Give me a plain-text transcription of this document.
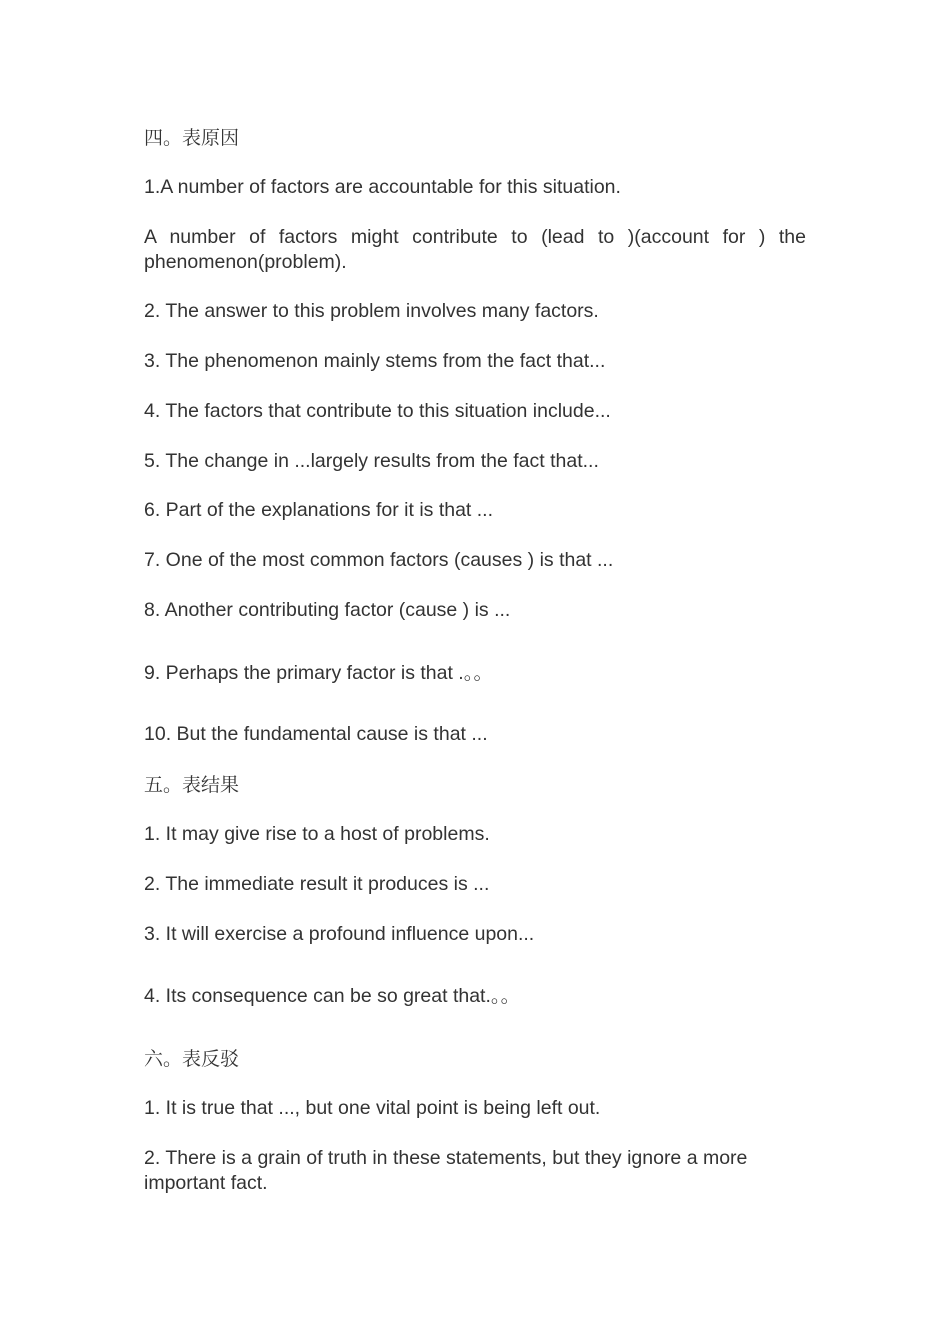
四。表原因
1.A number of factors are accountable for this situation.
A number of factors might contribute to (lead to )(account for ) the phenomenon(problem).
2. The answer to this problem involves many factors.
3. The phenomenon mainly stems from the fact that...
4. The factors that contribute to this situation include...
5. The change in ...largely results from the fact that...
6. Part of the explanations for it is that ...
7. One of the most common factors (causes ) is that ...
8. Another contributing factor (cause ) is ...
9. Perhaps the primary factor is that .。。
10. But the fundamental cause is that ...
五。表结果
1. It may give rise to a host of problems.
2. The immediate result it produces is ...
3. It will exercise a profound influence upon...
4. Its consequence can be so great that.。。
六。表反驳
1. It is true that ..., but one vital point is being left out.
2. There is a grain of truth in these statements, but they ignore a more important fact.
